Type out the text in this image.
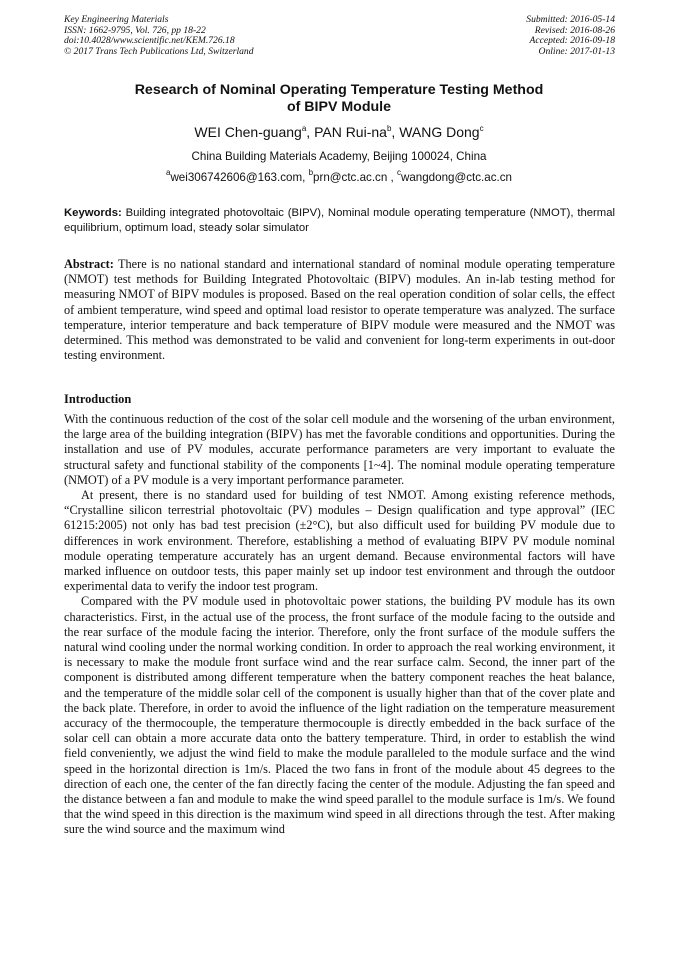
Key Engineering Materials
ISSN: 1662-9795, Vol. 726, pp 18-22
doi:10.4028/www.scientific.net/KEM.726.18
© 2017 Trans Tech Publications Ltd, Switzerland
Submitted: 2016-05-14
Revised: 2016-08-26
Accepted: 2016-09-18
Online: 2017-01-13
Research of Nominal Operating Temperature Testing Method
of BIPV Module
WEI Chen-guang$^a$, PAN Rui-$na^b$, WANG Dong$^c$
China Building Materials Academy, Beijing 100024, China
$^a$wei306742606@163.com, $^b$prn@ctc.ac.cn , $^c$wangdong@ctc.ac.cn
Keywords: Building integrated photovoltaic (BIPV), Nominal module operating temperature (NMOT), thermal equilibrium, optimum load, steady solar simulator
Abstract: There is no national standard and international standard of nominal module operating temperature (NMOT) test methods for Building Integrated Photovoltaic (BIPV) modules. An in-lab testing method for measuring NMOT of BIPV modules is proposed. Based on the real operation condition of solar cells, the effect of ambient temperature, wind speed and optimal load resistor to operate temperature was analyzed. The surface temperature, interior temperature and back temperature of BIPV module were measured and the NMOT was determined. This method was demonstrated to be valid and convenient for long-term experiments in out-door testing environment.
Introduction

With the continuous reduction of the cost of the solar cell module and the worsening of the urban environment, the large area of the building integration (BIPV) has met the favorable conditions and opportunities. During the installation and use of PV modules, accurate performance parameters are very important to evaluate the structural safety and functional stability of the components [1~4]. The nominal module operating temperature (NMOT) of a PV module is a very important performance parameter.

At present, there is no standard used for building of test NMOT. Among existing reference methods, “Crystalline silicon terrestrial photovoltaic (PV) modules – Design qualification and type approval” (IEC 61215:2005) not only has bad test precision (±2°C), but also difficult used for building PV module due to differences in work environment. Therefore, establishing a method of evaluating BIPV PV module nominal module operating temperature accurately has an urgent demand. Because environmental factors will have marked influence on outdoor tests, this paper mainly set up indoor test environment and through the outdoor experimental data to verify the indoor test program.

Compared with the PV module used in photovoltaic power stations, the building PV module has its own characteristics. First, in the actual use of the process, the front surface of the module facing to the outside and the rear surface of the module facing the interior. Therefore, only the front surface of the module suffers the natural wind cooling under the normal working condition. In order to approach the real working environment, it is necessary to make the module front surface wind and the rear surface calm. Second, the inner part of the component is distributed among different temperature when the battery component reaches the heat balance, and the temperature of the middle solar cell of the component is usually higher than that of the cover plate and the back plate. Therefore, in order to avoid the influence of the light radiation on the temperature measurement accuracy of the thermocouple, the temperature thermocouple is directly embedded in the back surface of the solar cell can obtain a more accurate data onto the battery temperature. Third, in order to establish the wind field conveniently, we adjust the wind field to make the module paralleled to the module surface and the wind speed in the horizontal direction is 1m/s. Placed the two fans in front of the module about 45 degrees to the direction of each one, the center of the fan directly facing the center of the module. Adjusting the fan speed and the distance between a fan and module to make the wind speed parallel to the module surface is 1m/s. We found that the wind speed in this direction is the maximum wind speed in all directions through the test. After making sure the wind source and the maximum wind
